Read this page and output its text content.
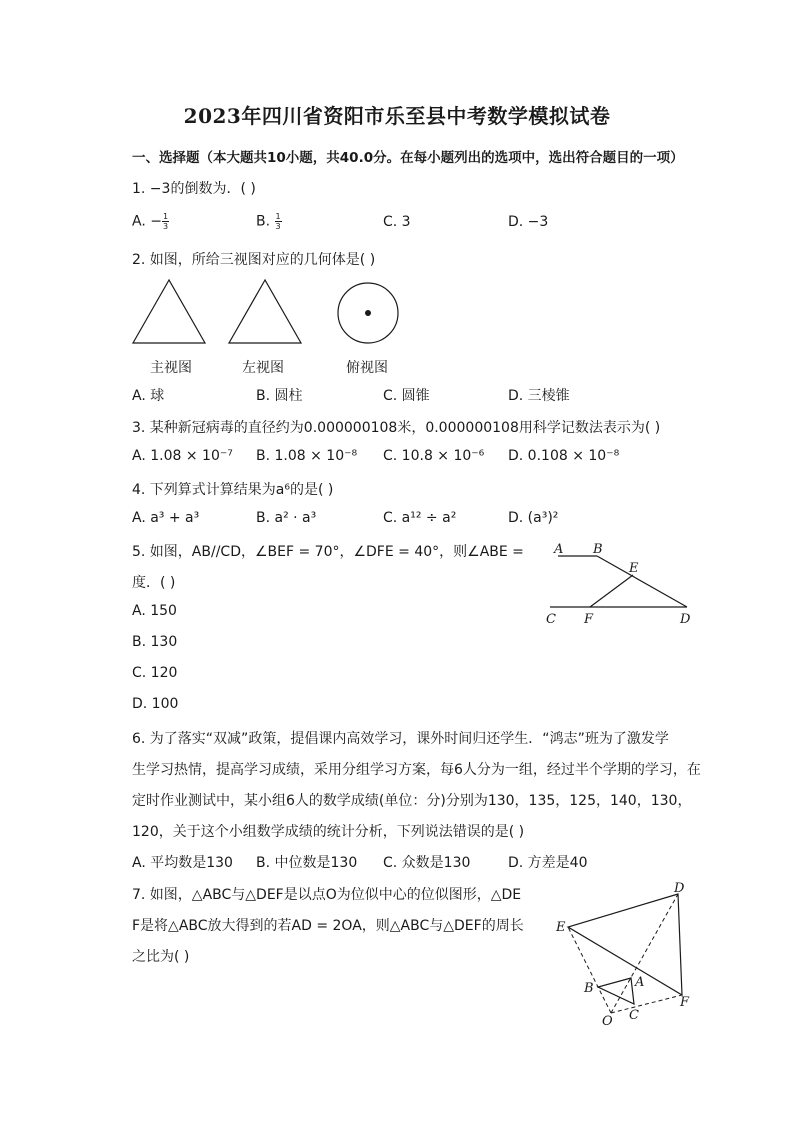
2023年四川省资阳市乐至县中考数学模拟试卷
一、选择题（本大题共10小题，共40.0分。在每小题列出的选项中，选出符合题目的一项）
1. −3的倒数为．( )
A. − $\frac{1}{3}$	B. $\frac{1}{3}$	C. 3	D. −3
2. 如图，所给三视图对应的几何体是( )
主视图	左视图	俯视图
A. 球	B. 圆柱	C. 圆锥	D. 三棱锥
3. 某种新冠病毒的直径约为0.000000108米，0.000000108用科学记数法表示为( )
A. 1.08 × 10⁻⁷ B. 1.08 × 10⁻⁸ C. 10.8 × 10⁻⁶ D. 0.108 × 10⁻⁸
4. 下列算式计算结果为a⁶的是( )
A. a³ + a³	B. a² · a³	C. a¹² ÷ a²	D. (a³)²
5. 如图，AB//CD，∠BEF = 70°，∠DFE = 40°，则∠ABE =
度．( )
A. 150
B. 130
C. 120
D. 100
A B
E
C F	D
6. 为了落实“双减”政策，提倡课内高效学习，课外时间归还学生．“鸿志”班为了激发学
生学习热情，提高学习成绩，采用分组学习方案，每6人分为一组，经过半个学期的学习，在
定时作业测试中，某小组6人的数学成绩(单位：分)分别为130，135，125，140，130，
120，关于这个小组数学成绩的统计分析，下列说法错误的是( )
A. 平均数是130 B. 中位数是130 C. 众数是130	D. 方差是40
7. 如图，△ABC与△DEF是以点O为位似中心的位似图形，△DE
F是将△ABC放大得到的若AD = 2OA，则△ABC与△DEF的周长
之比为( )
D
E
A
B
F
O C
